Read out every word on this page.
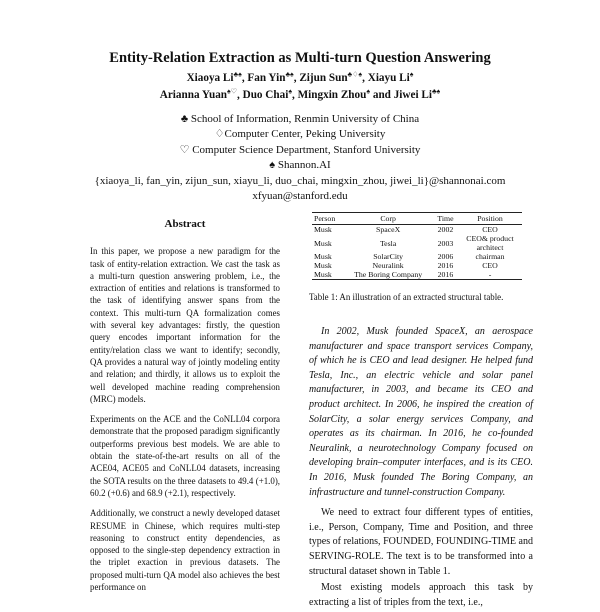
Entity-Relation Extraction as Multi-turn Question Answering
Xiaoya Li♣♠, Fan Yin♣♠, Zijun Sun♣♢♠, Xiayu Li♠
Arianna Yuan♠♡, Duo Chai♠, Mingxin Zhou♠ and Jiwei Li♣♠
♣ School of Information, Renmin University of China
♢Computer Center, Peking University
♡ Computer Science Department, Stanford University
♠ Shannon.AI
{xiaoya_li, fan_yin, zijun_sun, xiayu_li, duo_chai, mingxin_zhou, jiwei_li}@shannonai.com
xfyuan@stanford.edu
Abstract

In this paper, we propose a new paradigm for the task of entity-relation extraction. We cast the task as a multi-turn question answering problem, i.e., the extraction of entities and relations is transformed to the task of identifying answer spans from the context. This multi-turn QA formalization comes with several key advantages: firstly, the question query encodes important information for the entity/relation class we want to identify; secondly, QA provides a natural way of jointly modeling entity and relation; and thirdly, it allows us to exploit the well developed machine reading comprehension (MRC) models.

Experiments on the ACE and the CoNLL04 corpora demonstrate that the proposed paradigm significantly outperforms previous best models. We are able to obtain the state-of-the-art results on all of the ACE04, ACE05 and CoNLL04 datasets, increasing the SOTA results on the three datasets to 49.4 (+1.0), 60.2 (+0.6) and 68.9 (+2.1), respectively.

Additionally, we construct a newly developed dataset RESUME in Chinese, which requires multi-step reasoning to construct entity dependencies, as opposed to the single-step dependency extraction in the triplet exaction in previous datasets. The proposed multi-turn QA model also achieves the best performance on

Person	Corp	Time	Position
Musk	SpaceX	2002	CEO
Musk	Tesla	2003	CEO& product architect
Musk	SolarCity	2006	chairman
Musk	Neuralink	2016	CEO
Musk	The Boring Company	2016	-
Table 1: An illustration of an extracted structural table.

In 2002, Musk founded SpaceX, an aerospace manufacturer and space transport services Company, of which he is CEO and lead designer. He helped fund Tesla, Inc., an electric vehicle and solar panel manufacturer, in 2003, and became its CEO and product architect. In 2006, he inspired the creation of SolarCity, a solar energy services Company, and operates as its chairman. In 2016, he co-founded Neuralink, a neurotechnology Company focused on developing brain–computer interfaces, and is its CEO. In 2016, Musk founded The Boring Company, an infrastructure and tunnel-construction Company.

We need to extract four different types of entities, i.e., Person, Company, Time and Position, and three types of relations, FOUNDED, FOUNDING-TIME and SERVING-ROLE. The text is to be transformed into a structural dataset shown in Table 1.

Most existing models approach this task by extracting a list of triples from the text, i.e.,
